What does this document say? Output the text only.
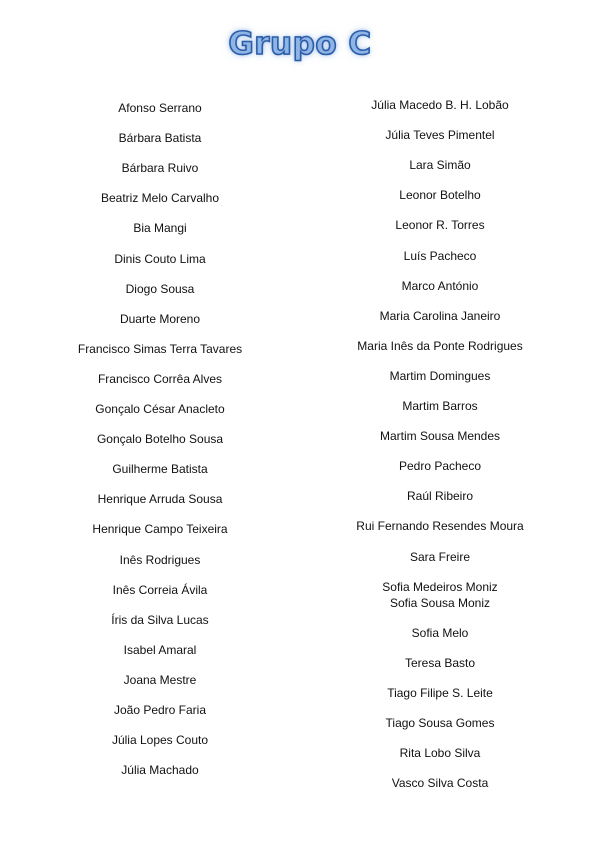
Grupo C
Afonso Serrano
Bárbara Batista
Bárbara Ruivo
Beatriz Melo Carvalho
Bia Mangi
Dinis Couto Lima
Diogo Sousa
Duarte Moreno
Francisco Simas Terra Tavares
Francisco Corrêa Alves
Gonçalo César Anacleto
Gonçalo Botelho Sousa
Guilherme Batista
Henrique Arruda Sousa
Henrique Campo Teixeira
Inês Rodrigues
Inês Correia Ávila
Íris da Silva Lucas
Isabel Amaral
Joana Mestre
João Pedro Faria
Júlia Lopes Couto
Júlia Machado
Júlia Macedo B. H. Lobão
Júlia Teves Pimentel
Lara Simão
Leonor Botelho
Leonor R. Torres
Luís Pacheco
Marco António
Maria Carolina Janeiro
Maria Inês da Ponte Rodrigues
Martim Domingues
Martim Barros
Martim Sousa Mendes
Pedro Pacheco
Raúl Ribeiro
Rui Fernando Resendes Moura
Sara Freire
Sofia Medeiros Moniz
Sofia Sousa Moniz
Sofia Melo
Teresa Basto
Tiago Filipe S. Leite
Tiago Sousa Gomes
Rita Lobo Silva
Vasco Silva Costa
